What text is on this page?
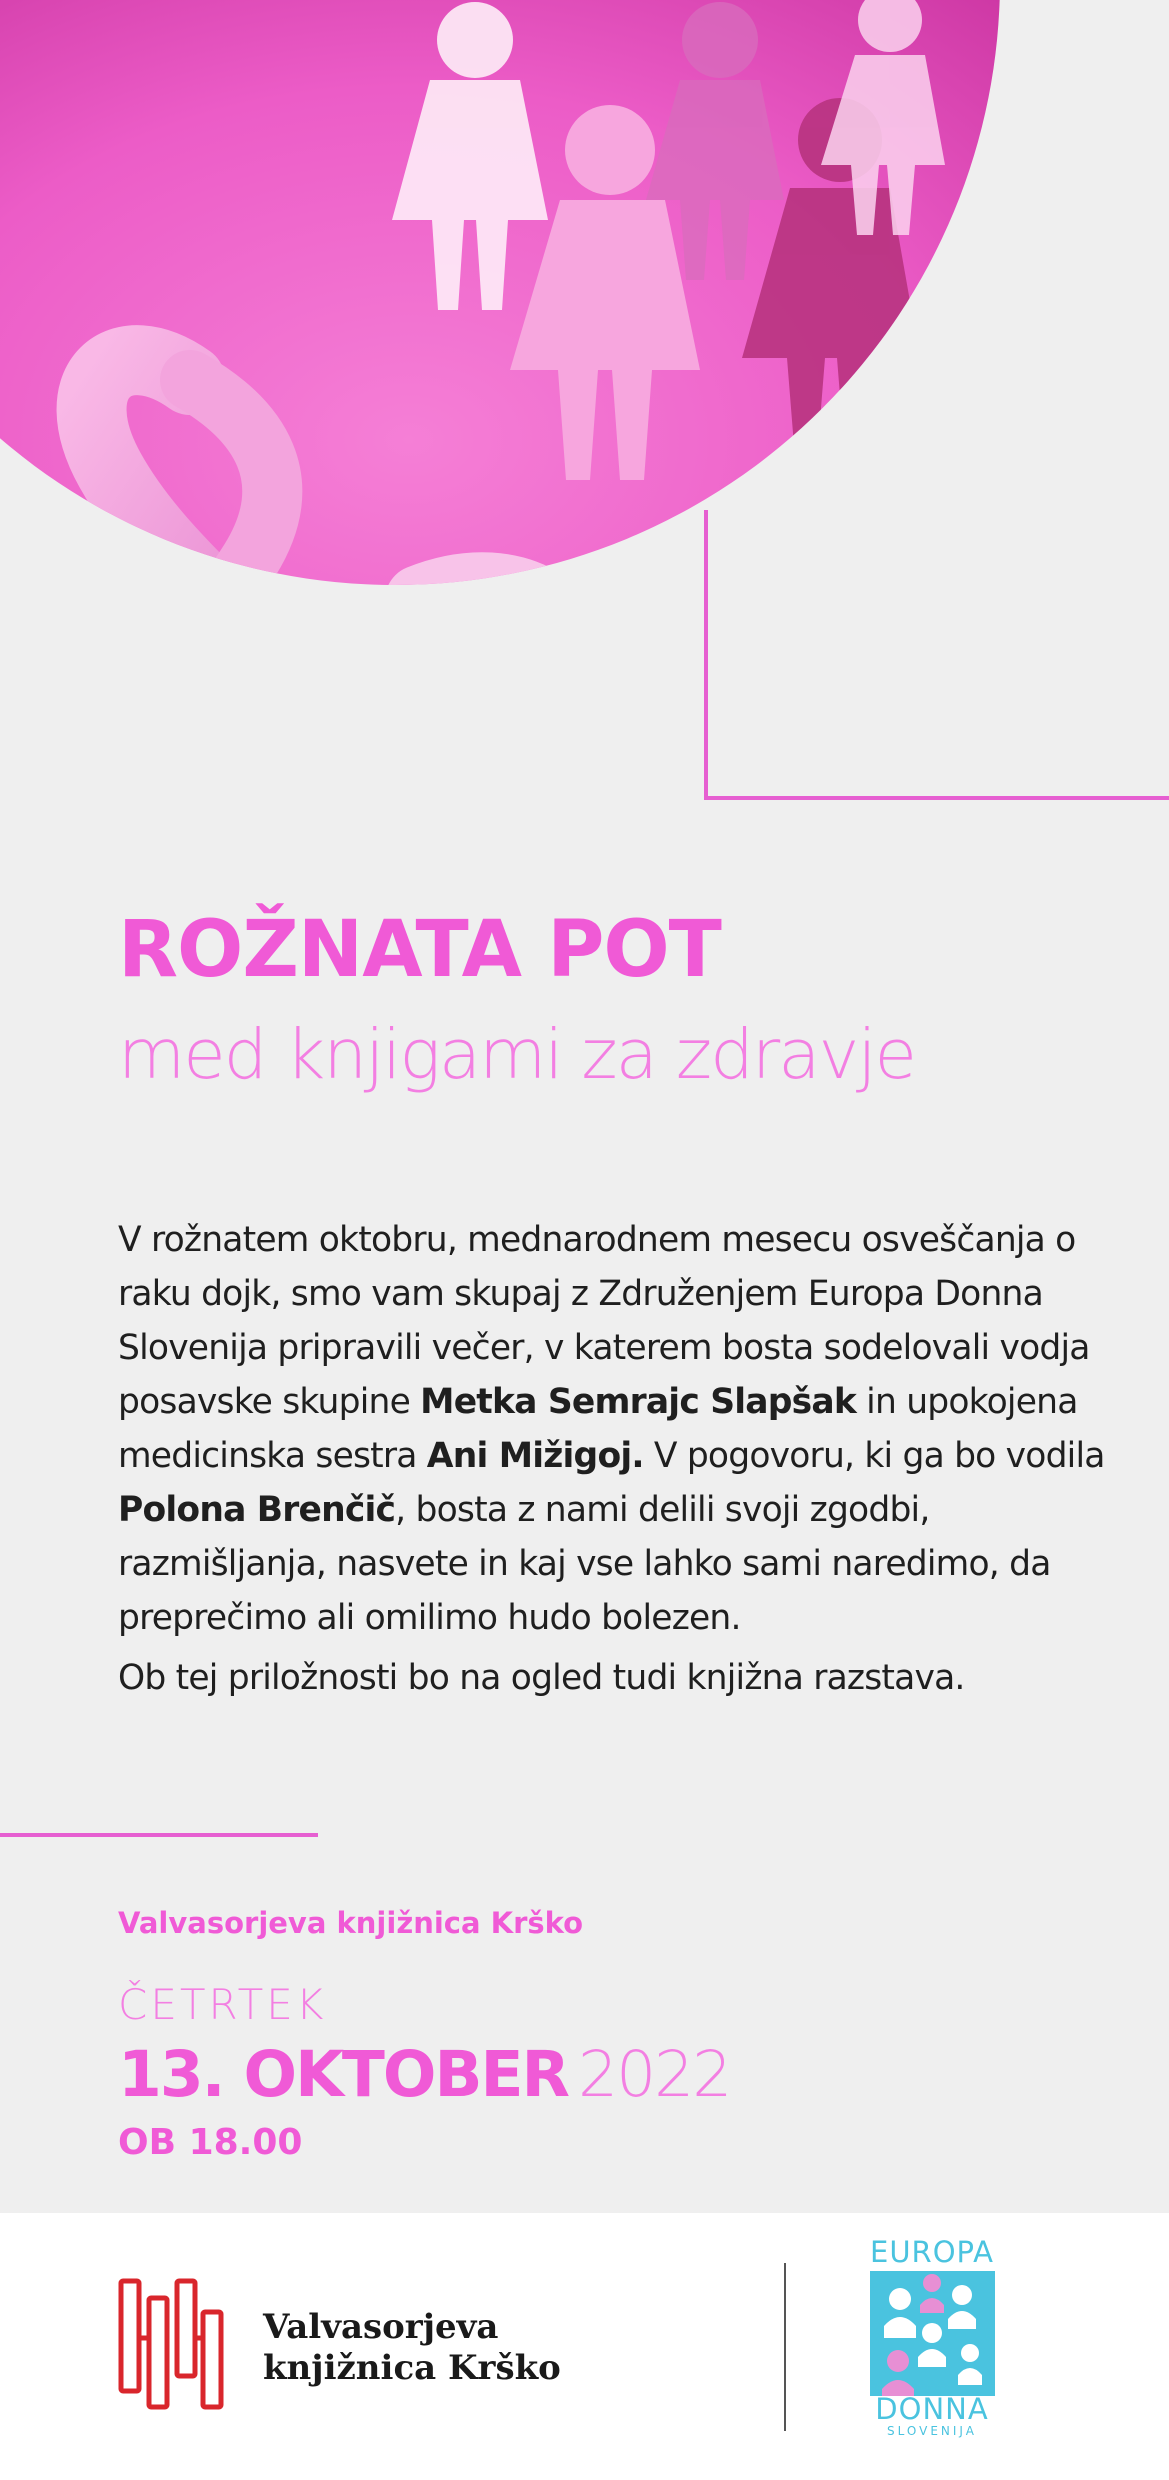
ROŽNATA POT
med knjigami za zdravje

V rožnatem oktobru, mednarodnem mesecu osveščanja o raku dojk, smo vam skupaj z Združenjem Europa Donna Slovenija pripravili večer, v katerem bosta sodelovali vodja posavske skupine Metka Semrajc Slapšak in upokojena medicinska sestra Ani Mižigoj. V pogovoru, ki ga bo vodila Polona Brenčič, bosta z nami delili svoji zgodbi, razmišljanja, nasvete in kaj vse lahko sami naredimo, da preprečimo ali omilimo hudo bolezen.

Ob tej priložnosti bo na ogled tudi knjižna razstava.

Valvasorjeva knjižnica Krško
ČETRTEK
13. OKTOBER 2022
OB 18.00
Valvasorjeva
knjižnica Krško
EUROPA
DONNA
SLOVENIJA
